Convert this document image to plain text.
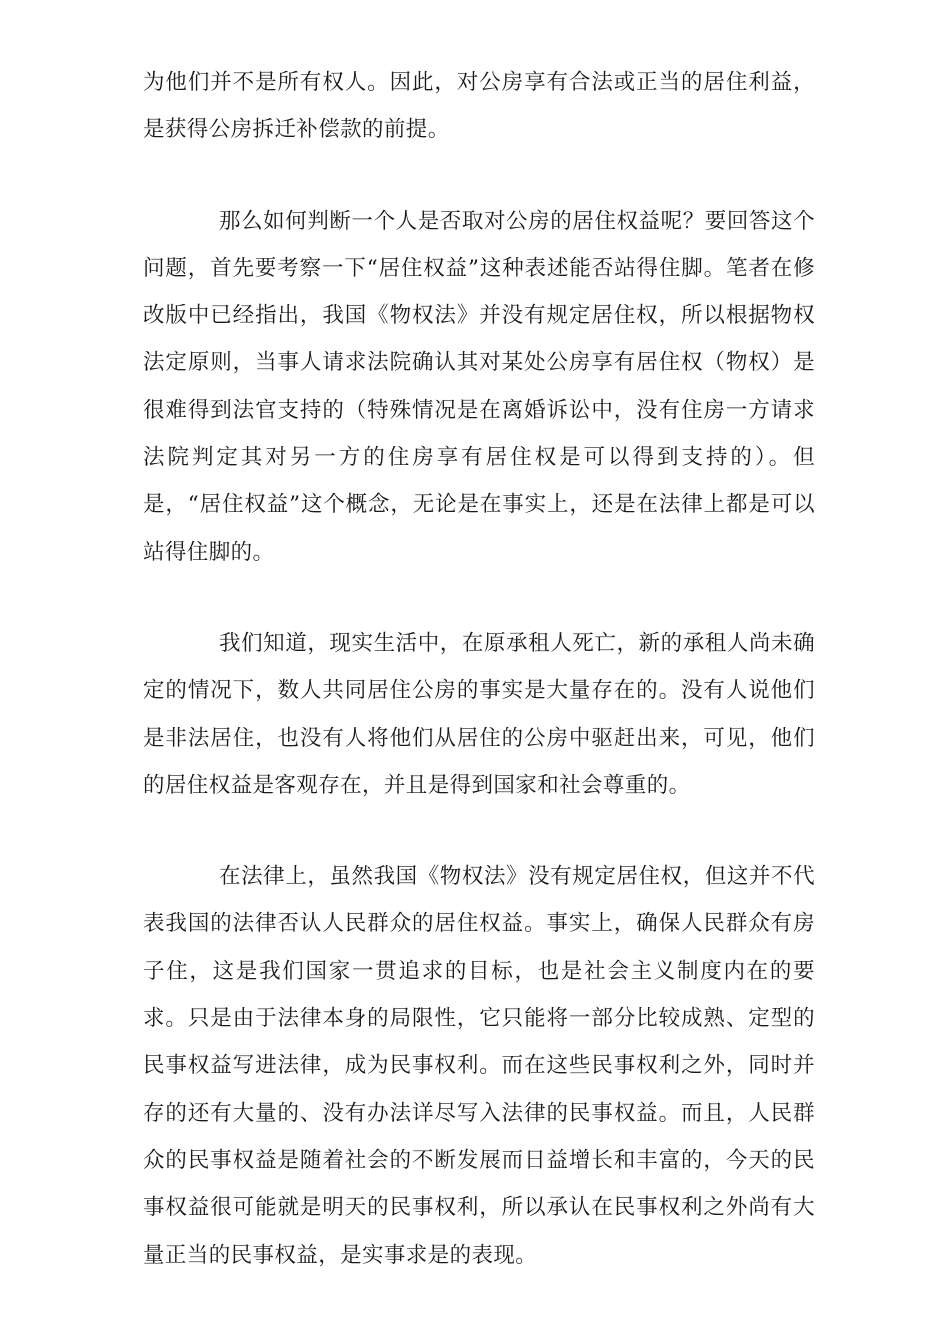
为他们并不是所有权人。因此，对公房享有合法或正当的居住利益，是获得公房拆迁补偿款的前提。

那么如何判断一个人是否取对公房的居住权益呢？要回答这个问题，首先要考察一下“居住权益”这种表述能否站得住脚。笔者在修改版中已经指出，我国《物权法》并没有规定居住权，所以根据物权法定原则，当事人请求法院确认其对某处公房享有居住权（物权）是很难得到法官支持的（特殊情况是在离婚诉讼中，没有住房一方请求法院判定其对另一方的住房享有居住权是可以得到支持的）。但是，“居住权益”这个概念，无论是在事实上，还是在法律上都是可以站得住脚的。

我们知道，现实生活中，在原承租人死亡，新的承租人尚未确定的情况下，数人共同居住公房的事实是大量存在的。没有人说他们是非法居住，也没有人将他们从居住的公房中驱赶出来，可见，他们的居住权益是客观存在，并且是得到国家和社会尊重的。

在法律上，虽然我国《物权法》没有规定居住权，但这并不代表我国的法律否认人民群众的居住权益。事实上，确保人民群众有房子住，这是我们国家一贯追求的目标，也是社会主义制度内在的要求。只是由于法律本身的局限性，它只能将一部分比较成熟、定型的民事权益写进法律，成为民事权利。而在这些民事权利之外，同时并存的还有大量的、没有办法详尽写入法律的民事权益。而且，人民群众的民事权益是随着社会的不断发展而日益增长和丰富的，今天的民事权益很可能就是明天的民事权利，所以承认在民事权利之外尚有大量正当的民事权益，是实事求是的表现。
